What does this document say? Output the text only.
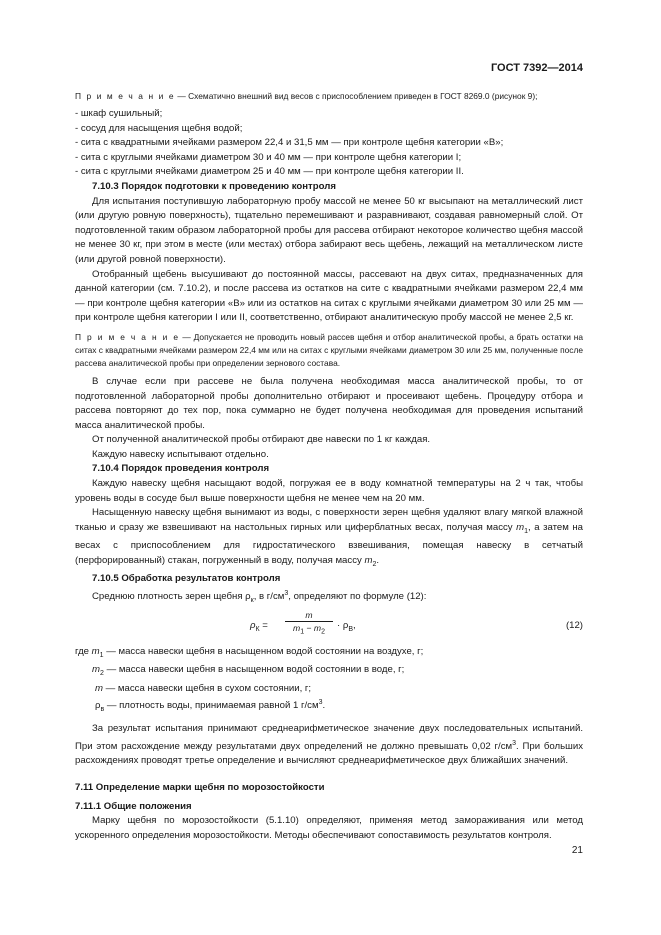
ГОСТ 7392—2014

П р и м е ч а н и е — Схематично внешний вид весов с приспособлением приведен в ГОСТ 8269.0 (рисунок 9);

- шкаф сушильный;

- сосуд для насыщения щебня водой;

- сита с квадратными ячейками размером 22,4 и 31,5 мм — при контроле щебня категории «В»;

- сита с круглыми ячейками диаметром 30 и 40 мм — при контроле щебня категории I;

- сита с круглыми ячейками диаметром 25 и 40 мм — при контроле щебня категории II.

7.10.3 Порядок подготовки к проведению контроля

Для испытания поступившую лабораторную пробу массой не менее 50 кг высыпают на металлический лист (или другую ровную поверхность), тщательно перемешивают и разравнивают, создавая равномерный слой. От подготовленной таким образом лабораторной пробы для рассева отбирают некоторое количество щебня массой не менее 30 кг, при этом в месте (или местах) отбора забирают весь щебень, лежащий на металлическом листе (или другой ровной поверхности).

Отобранный щебень высушивают до постоянной массы, рассевают на двух ситах, предназначенных для данной категории (см. 7.10.2), и после рассева из остатков на сите с квадратными ячейками размером 22,4 мм — при контроле щебня категории «В» или из остатков на ситах с круглыми ячейками диаметром 30 или 25 мм — при контроле щебня категории I или II, соответственно, отбирают аналитическую пробу массой не менее 2,5 кг.

П р и м е ч а н и е — Допускается не проводить новый рассев щебня и отбор аналитической пробы, а брать остатки на ситах с квадратными ячейками размером 22,4 мм или на ситах с круглыми ячейками диаметром 30 или 25 мм, полученные после рассева аналитической пробы при определении зернового состава.

В случае если при рассеве не была получена необходимая масса аналитической пробы, то от подготовленной лабораторной пробы дополнительно отбирают и просеивают щебень. Процедуру отбора и рассева повторяют до тех пор, пока суммарно не будет получена необходимая для проведения испытаний масса аналитической пробы.

От полученной аналитической пробы отбирают две навески по 1 кг каждая.

Каждую навеску испытывают отдельно.

7.10.4 Порядок проведения контроля

Каждую навеску щебня насыщают водой, погружая ее в воду комнатной температуры на 2 ч так, чтобы уровень воды в сосуде был выше поверхности щебня не менее чем на 20 мм.

Насыщенную навеску щебня вынимают из воды, с поверхности зерен щебня удаляют влагу мягкой влажной тканью и сразу же взвешивают на настольных гирных или циферблатных весах, получая массу $m_1$, а затем на весах с приспособлением для гидростатического взвешивания, помещая навеску в сетчатый (перфорированный) стакан, погруженный в воду, получая массу $m_2$.

7.10.5 Обработка результатов контроля

Среднюю плотность зерен щебня $\rho_к$, в $г/см^3$, определяют по формуле (12):

$\rho_К = \frac{m}{m_1 - m_2} \cdot \rho_В$,	(12)

где $m_1$ — масса навески щебня в насыщенном водой состоянии на воздухе, г;

$m_2$ — масса навески щебня в насыщенном водой состоянии в воде, г;

m — масса навески щебня в сухом состоянии, г;

$\rho_в$ — плотность воды, принимаемая равной 1 $г/см^3$.

За результат испытания принимают среднеарифметическое значение двух последовательных испытаний. При этом расхождение между результатами двух определений не должно превышать 0,02 $г/см^3$. При больших расхождениях проводят третье определение и вычисляют среднеарифметическое двух ближайших значений.

7.11 Определение марки щебня по морозостойкости

7.11.1 Общие положения

Марку щебня по морозостойкости (5.1.10) определяют, применяя метод замораживания или метод ускоренного определения морозостойкости. Методы обеспечивают сопоставимость результатов контроля.

21
